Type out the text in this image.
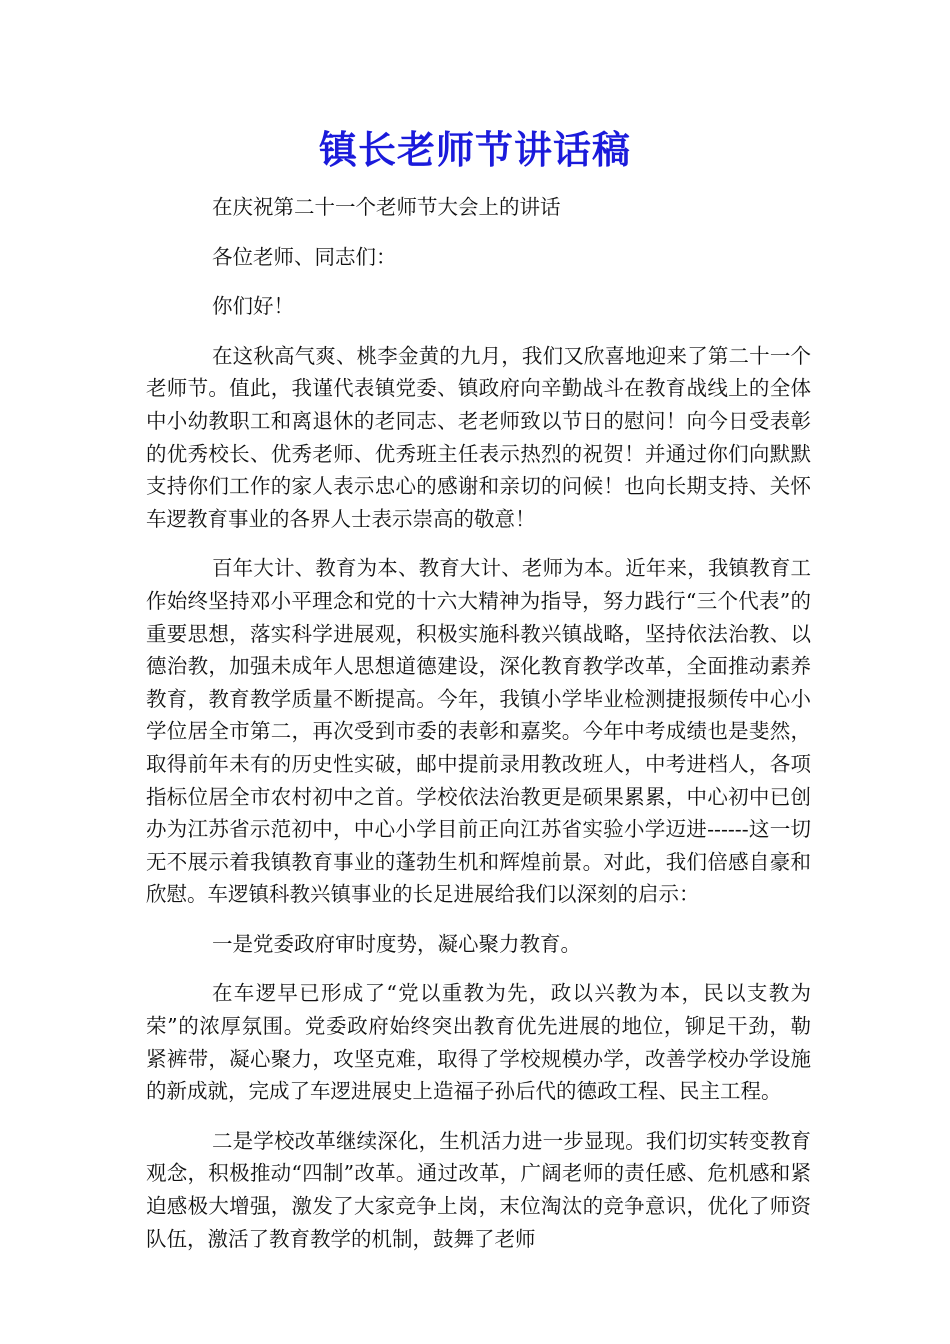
镇长老师节讲话稿

在庆祝第二十一个老师节大会上的讲话

各位老师、同志们：

你们好！

在这秋高气爽、桃李金黄的九月，我们又欣喜地迎来了第二十一个老师节。值此，我谨代表镇党委、镇政府向辛勤战斗在教育战线上的全体中小幼教职工和离退休的老同志、老老师致以节日的慰问！向今日受表彰的优秀校长、优秀老师、优秀班主任表示热烈的祝贺！并通过你们向默默支持你们工作的家人表示忠心的感谢和亲切的问候！也向长期支持、关怀车逻教育事业的各界人士表示崇高的敬意！

百年大计、教育为本、教育大计、老师为本。近年来，我镇教育工作始终坚持邓小平理念和党的十六大精神为指导，努力践行“三个代表”的重要思想，落实科学进展观，积极实施科教兴镇战略，坚持依法治教、以德治教，加强未成年人思想道德建设，深化教育教学改革，全面推动素养教育，教育教学质量不断提高。今年，我镇小学毕业检测捷报频传中心小学位居全市第二，再次受到市委的表彰和嘉奖。今年中考成绩也是斐然，取得前年未有的历史性实破，邮中提前录用教改班人，中考进档人，各项指标位居全市农村初中之首。学校依法治教更是硕果累累，中心初中已创办为江苏省示范初中，中心小学目前正向江苏省实验小学迈进------这一切无不展示着我镇教育事业的蓬勃生机和辉煌前景。对此，我们倍感自豪和欣慰。车逻镇科教兴镇事业的长足进展给我们以深刻的启示：

一是党委政府审时度势，凝心聚力教育。

在车逻早已形成了“党以重教为先，政以兴教为本，民以支教为荣”的浓厚氛围。党委政府始终突出教育优先进展的地位，铆足干劲，勒紧裤带，凝心聚力，攻坚克难，取得了学校规模办学，改善学校办学设施的新成就，完成了车逻进展史上造福子孙后代的德政工程、民主工程。

二是学校改革继续深化，生机活力进一步显现。我们切实转变教育观念，积极推动“四制”改革。通过改革，广阔老师的责任感、危机感和紧迫感极大增强，激发了大家竞争上岗，末位淘汰的竞争意识，优化了师资队伍，激活了教育教学的机制，鼓舞了老师
